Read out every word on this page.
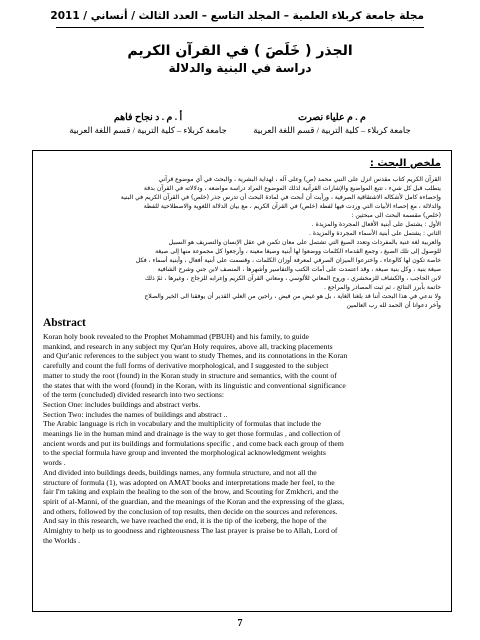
مجلة جامعة كربلاء العلمية – المجلد التاسع – العدد الثالث / أنساني / 2011
الجذر ( خَلَصَ ) في القرآن الكريم
دراسة في البنية والدلالة
أ . م . د نجاح فاهم
جامعة كربلاء – كلية التربية / قسم اللغة العربية
م . م علياء نصرت
جامعة كربلاء – كلية التربية / قسم اللغة العربية
ملخص البحث :
القرآن الكريم كتاب مقدس انزل على النبي محمد (ص) وعلى آله ، لهداية البشرية ، والبحث في أي موضوع قرآني
يتطلب قبل كل شيء ، تتبع المواضيع والإشارات القرآنية لذلك الموضوع المراد دراسة مواضعه ، ودلالاته في القرآن بدقة
وإحصاءه كامل لأشكاله الاشتقاقية الصرفية ، ورأيت أن أبحث في لمادة البحث أن تدرس جذر (خلص) في القرآن الكريم في البنية
والدلالة ، مع إحصاء الأبيات التي وردت فيها لفظة (خلص) في القرآن الكريم ، مع بيان الدلالة اللغوية والاصطلاحية للفظة
(خلص) مقسمة البحث الى مبحثين :
الأول : يشتمل على أبنية الأفعال المجردة والمزيدة .
الثاني : يشتمل على أبنية الأسماء المجردة والمزيدة .
والعربية لغة غنية بالمفردات وتعدد الصيغ التي تشتمل على معان تكمن في عقل الإنسان والتصريف هو السبيل
للوصول إلى تلك الصيغ ، وجمع القدماء الكلمات ووضعوا لها أبنية وصيغا معينة ، وأرجعوا كل مجموعة منها إلى صيغة
خاصة تكون لها كالوعاء ، واخترعوا الميزان الصرفي لمعرفة أوزان الكلمات ، وقسمت على أبنية أفعال ، وأبنية أسماء ، فكل
صيغة بنية ، وكل بنية صيغة ، وقد اعتمدت على أمات الكتب والتفاسير وأشهرها ، المنصف لابن جني وشرح الشافية
لابن الحاجب ، والكشاف للزمخشري ، وروح المعاني للألوسي ، ومعاني القرآن الكريم وإعرابه للزجاج ، وغيرها ، ثمّ ذلك
خاتمة بأبرز النتائج ، ثم ثبت المصادر والمراجع .
ولا ندعي في هذا البحث أننا قد بلغنا الغاية ، بل هو غيض من فيض ، راجين من العلي القدير أن يوفقنا الى الخير والصلاح
وآخر دعوانا أن الحمد لله رب العالمين
Abstract
Koran holy book revealed to the Prophet Mohammad (PBUH) and his family, to guide
mankind, and research in any subject my Qur'an Holy requires, above all, tracking placements
and Qur'anic references to the subject you want to study Themes, and its connotations in the Koran
carefully and count the full forms of derivative morphological, and I suggested to the subject
matter to study the root (found) in the Koran study in structure and semantics, with the count of
the states that with the word (found) in the Koran, with its linguistic and conventional significance
of the term (concluded) divided research into two sections:
Section One: includes buildings and abstract verbs.
Section Two: includes the names of buildings and abstract ..
The Arabic language is rich in vocabulary and the multiplicity of formulas that include the
meanings lie in the human mind and drainage is the way to get those formulas , and collection of
ancient words and put its buildings and formulations specific , and come back each group of them
to the special formula have group and invented the morphological acknowledgment weights
words .
And divided into buildings deeds, buildings names, any formula structure, and not all the
structure of formula (1), was adopted on AMAT books and interpretations made her feel, to the
fair I'm taking and explain the healing to the son of the brow, and Scouting for Zmkhcri, and the
spirit of al-Manni, of the guardian, and the meanings of the Koran and the expressing of the glass,
and others, followed by the conclusion of top results, then decide on the sources and references.
And say in this research, we have reached the end, it is the tip of the iceberg, the hope of the
Almighty to help us to goodness and righteousness The last prayer is praise be to Allah, Lord of
the Worlds .
7
